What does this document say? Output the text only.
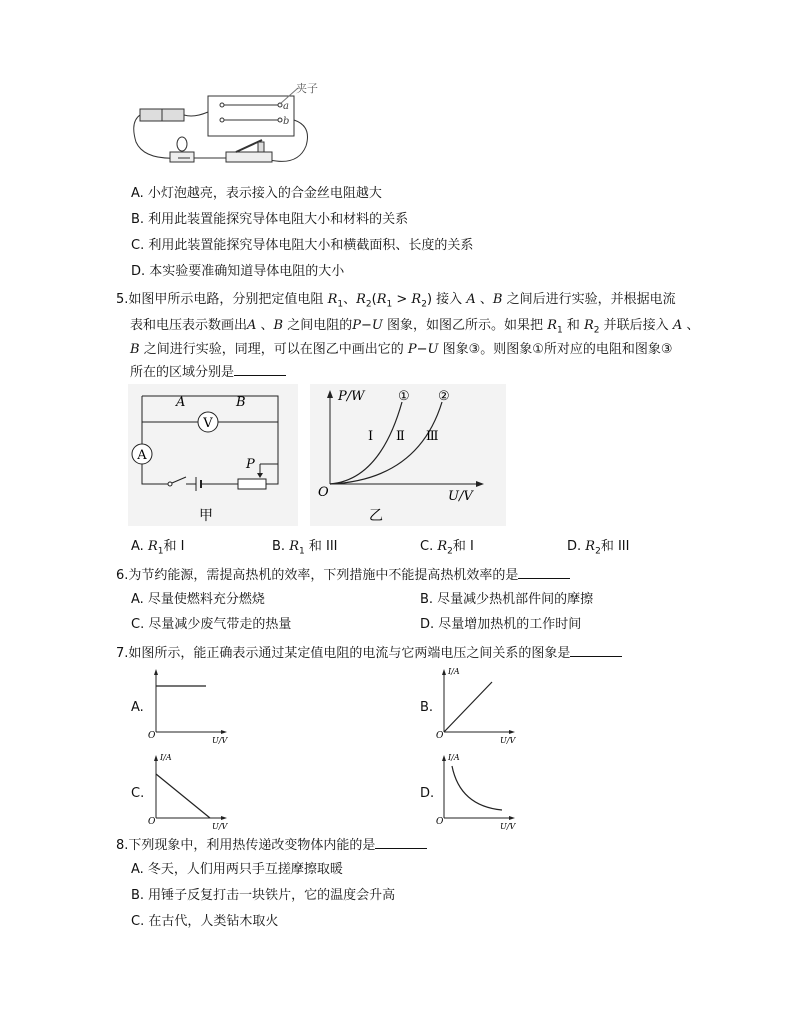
a
b
夹子
A. 小灯泡越亮，表示接入的合金丝电阻越大
B. 利用此装置能探究导体电阻大小和材料的关系
C. 利用此装置能探究导体电阻大小和横截面积、长度的关系
D. 本实验要准确知道导体电阻的大小
5.如图甲所示电路，分别把定值电阻 $R_1$、$R_2(R_1 > R_2)$ 接入 A 、B 之间后进行实验，并根据电流
表和电压表示数画出A 、B 之间电阻的P−U 图象，如图乙所示。如果把 $R_1$ 和 $R_2$ 并联后接入 A 、
B 之间进行实验，同理，可以在图乙中画出它的 P−U 图象③。则图象①所对应的电阻和图象③
所在的区域分别是
V
A	B
A
P
甲
P/W
U/V
O
① ②
Ⅰ Ⅱ Ⅲ
乙
A. $R_1$和 I	B. $R_1$ 和 III	C. $R_2$和 I	D. $R_2$和 III
6.为节约能源，需提高热机的效率，下列措施中不能提高热机效率的是
A. 尽量使燃料充分燃烧	B. 尽量减少热机部件间的摩擦
C. 尽量减少废气带走的热量	D. 尽量增加热机的工作时间
7.如图所示，能正确表示通过某定值电阻的电流与它两端电压之间关系的图象是
A.
O	U/V
B.
I/A
O	U/V
C.
I/A
O	U/V
D.
I/A
O	U/V
8.下列现象中，利用热传递改变物体内能的是
A. 冬天，人们用两只手互搓摩擦取暖
B. 用锤子反复打击一块铁片，它的温度会升高
C. 在古代，人类钻木取火
